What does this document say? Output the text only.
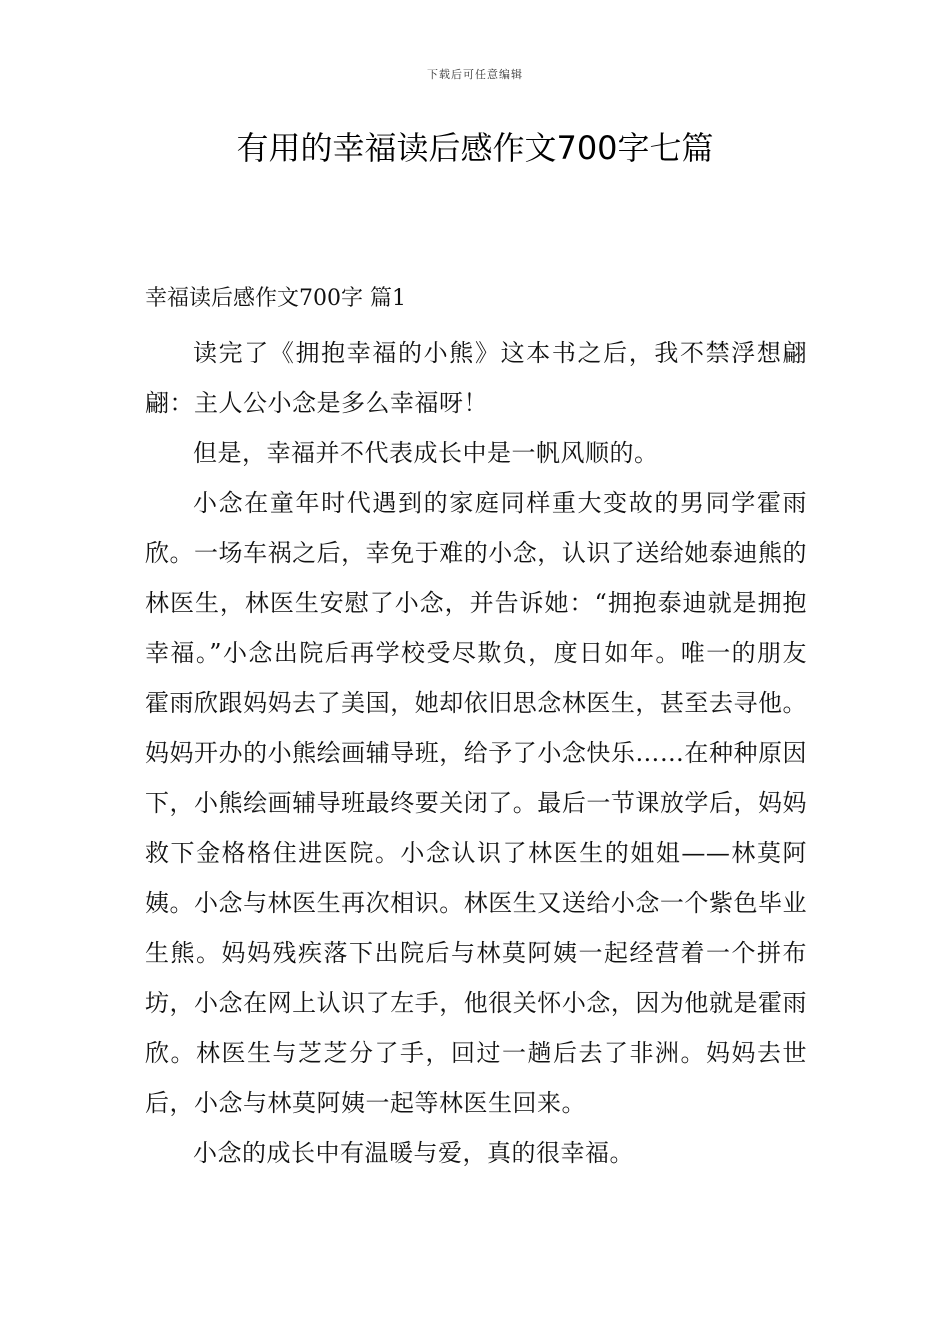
下载后可任意编辑
有用的幸福读后感作文700字七篇
幸福读后感作文700字 篇1

读完了《拥抱幸福的小熊》这本书之后，我不禁浮想翩翩：主人公小念是多么幸福呀！

但是，幸福并不代表成长中是一帆风顺的。

小念在童年时代遇到的家庭同样重大变故的男同学霍雨欣。一场车祸之后，幸免于难的小念，认识了送给她泰迪熊的林医生，林医生安慰了小念，并告诉她：“拥抱泰迪就是拥抱幸福。”小念出院后再学校受尽欺负，度日如年。唯一的朋友霍雨欣跟妈妈去了美国，她却依旧思念林医生，甚至去寻他。妈妈开办的小熊绘画辅导班，给予了小念快乐……在种种原因下，小熊绘画辅导班最终要关闭了。最后一节课放学后，妈妈救下金格格住进医院。小念认识了林医生的姐姐——林莫阿姨。小念与林医生再次相识。林医生又送给小念一个紫色毕业生熊。妈妈残疾落下出院后与林莫阿姨一起经营着一个拼布坊，小念在网上认识了左手，他很关怀小念，因为他就是霍雨欣。林医生与芝芝分了手，回过一趟后去了非洲。妈妈去世后，小念与林莫阿姨一起等林医生回来。

小念的成长中有温暖与爱，真的很幸福。
